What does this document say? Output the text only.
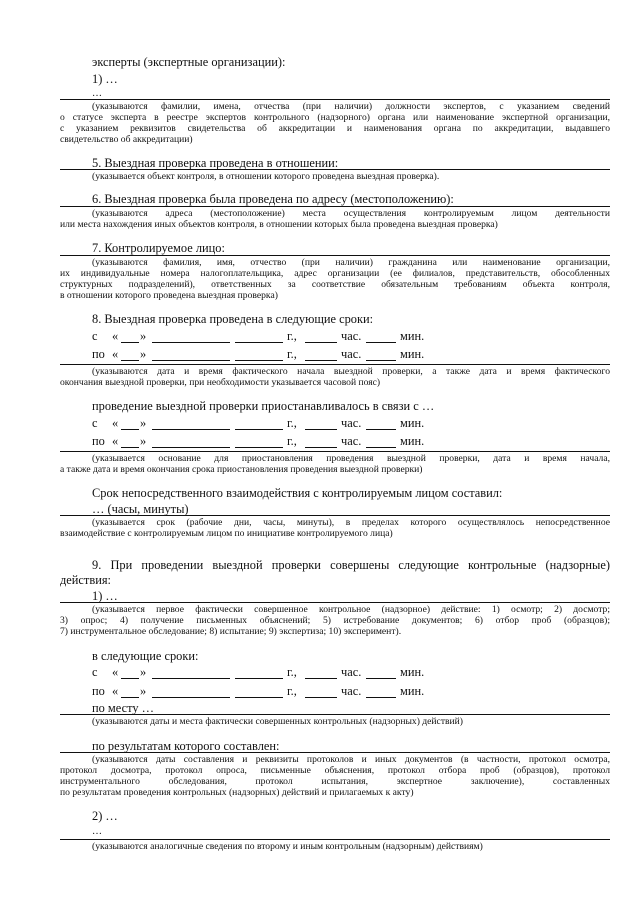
эксперты (экспертные организации):
1) …
…
(указываются фамилии, имена, отчества (при наличии) должности экспертов, с указанием сведений
о статусе эксперта в реестре экспертов контрольного (надзорного) органа или наименование экспертной организации,
с указанием реквизитов свидетельства об аккредитации и наименования органа по аккредитации, выдавшего
свидетельство об аккредитации)
5. Выездная проверка проведена в отношении:
(указывается объект контроля, в отношении которого проведена выездная проверка).
6. Выездная проверка была проведена по адресу (местоположению):
(указываются адреса (местоположение) места осуществления контролируемым лицом деятельности
или места нахождения иных объектов контроля, в отношении которых была проведена выездная проверка)
7. Контролируемое лицо:
(указываются фамилия, имя, отчество (при наличии) гражданина или наименование организации,
их индивидуальные номера налогоплательщика, адрес организации (ее филиалов, представительств, обособленных
структурных подразделений), ответственных за соответствие обязательным требованиям объекта контроля,
в отношении которого проведена выездная проверка)
8. Выездная проверка проведена в следующие сроки:
с « »	г.,	час.	мин.
по « »	г.,	час.	мин.
(указываются дата и время фактического начала выездной проверки, а также дата и время фактического
окончания выездной проверки, при необходимости указывается часовой пояс)
проведение выездной проверки приостанавливалось в связи с …
с « »	г.,	час.	мин.
по « »	г.,	час.	мин.
(указывается основание для приостановления проведения выездной проверки, дата и время начала,
а также дата и время окончания срока приостановления проведения выездной проверки)
Срок непосредственного взаимодействия с контролируемым лицом составил:
… (часы, минуты)
(указывается срок (рабочие дни, часы, минуты), в пределах которого осуществлялось непосредственное
взаимодействие с контролируемым лицом по инициативе контролируемого лица)
9. При проведении выездной проверки совершены следующие контрольные (надзорные)
действия:
1) …
(указывается первое фактически совершенное контрольное (надзорное) действие: 1) осмотр; 2) досмотр;
3) опрос; 4) получение письменных объяснений; 5) истребование документов; 6) отбор проб (образцов);
7) инструментальное обследование; 8) испытание; 9) экспертиза; 10) эксперимент).
в следующие сроки:
с « »	г.,	час.	мин.
по « »	г.,	час.	мин.
по месту …
(указываются даты и места фактически совершенных контрольных (надзорных) действий)
по результатам которого составлен:
(указываются даты составления и реквизиты протоколов и иных документов (в частности, протокол осмотра,
протокол досмотра, протокол опроса, письменные объяснения, протокол отбора проб (образцов), протокол
инструментального обследования, протокол испытания, экспертное заключение), составленных
по результатам проведения контрольных (надзорных) действий и прилагаемых к акту)
2) …
…
(указываются аналогичные сведения по второму и иным контрольным (надзорным) действиям)
